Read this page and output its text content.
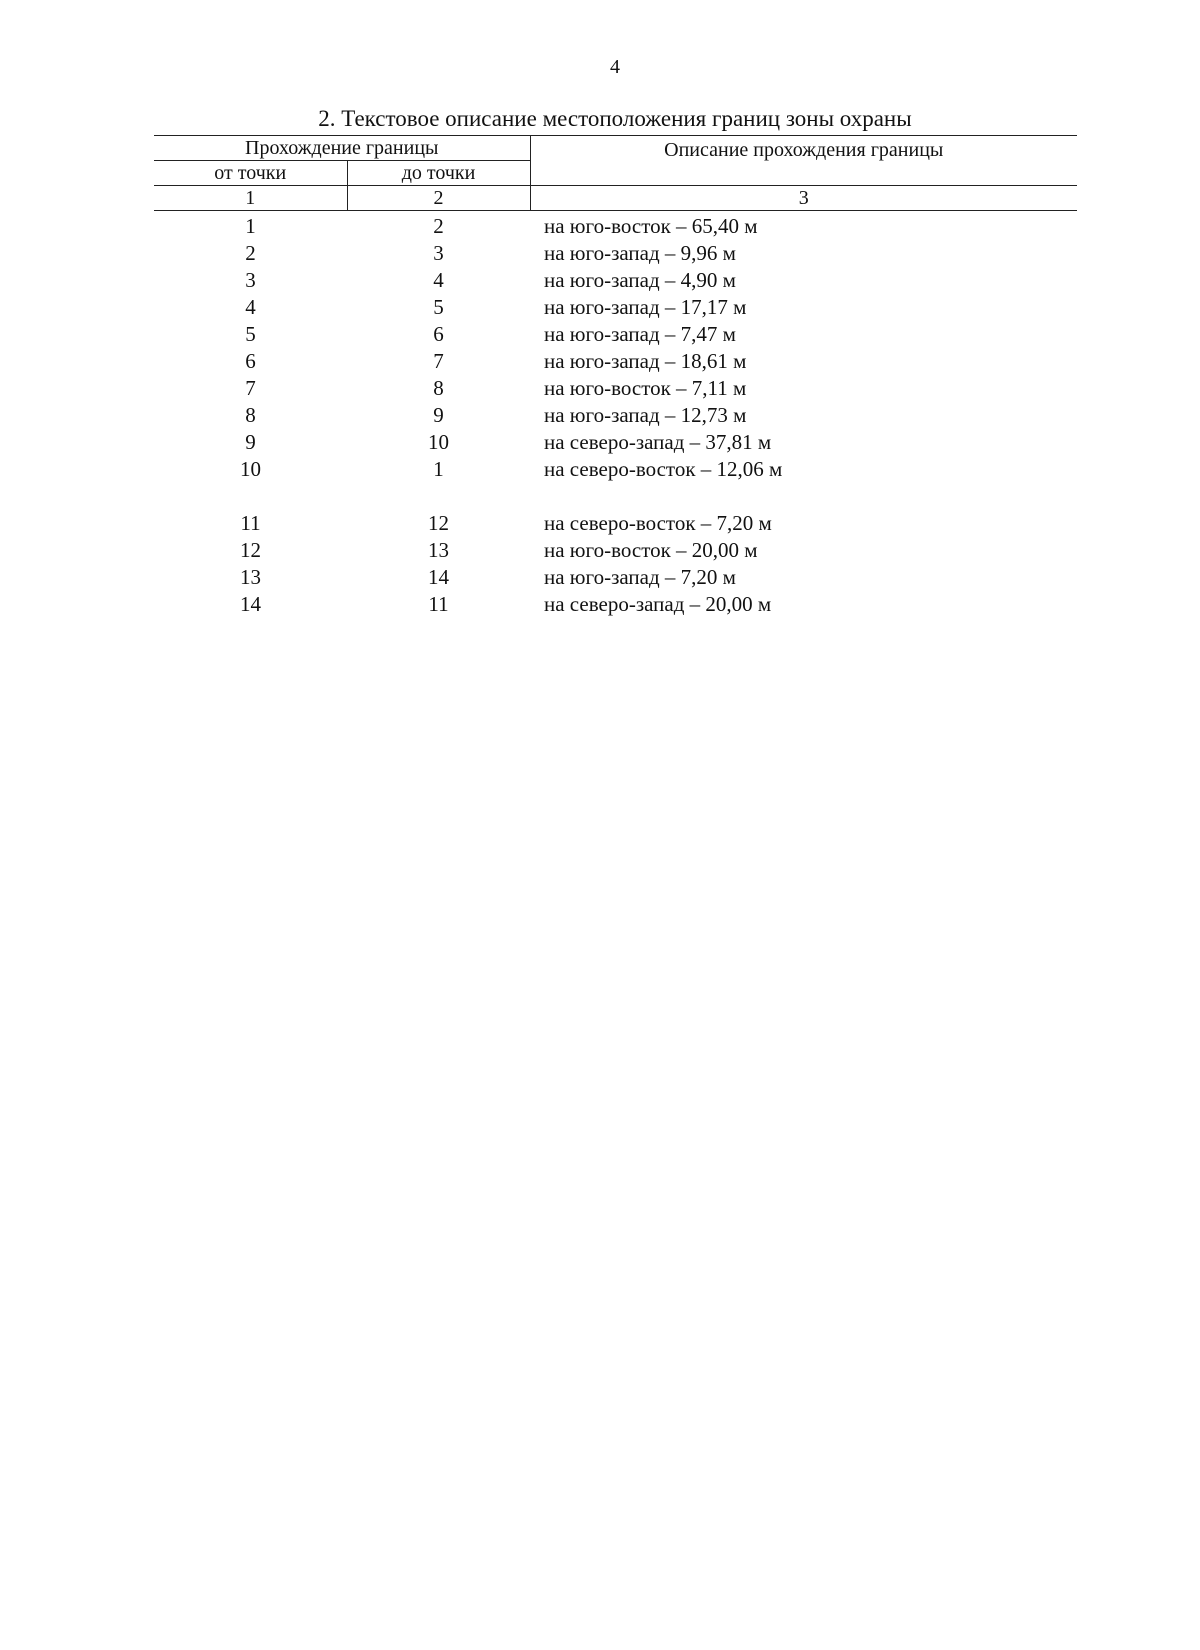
4
2. Текстовое описание местоположения границ зоны охраны
Прохождение границы		Описание прохождения границы
от точки	до точки	
1	2	3
1	2	на юго-восток – 65,40 м
2	3	на юго-запад – 9,96 м
3	4	на юго-запад – 4,90 м
4	5	на юго-запад – 17,17 м
5	6	на юго-запад – 7,47 м
6	7	на юго-запад – 18,61 м
7	8	на юго-восток – 7,11 м
8	9	на юго-запад – 12,73 м
9	10	на северо-запад – 37,81 м
10	1	на северо-восток – 12,06 м

11	12	на северо-восток – 7,20 м
12	13	на юго-восток – 20,00 м
13	14	на юго-запад – 7,20 м
14	11	на северо-запад – 20,00 м
